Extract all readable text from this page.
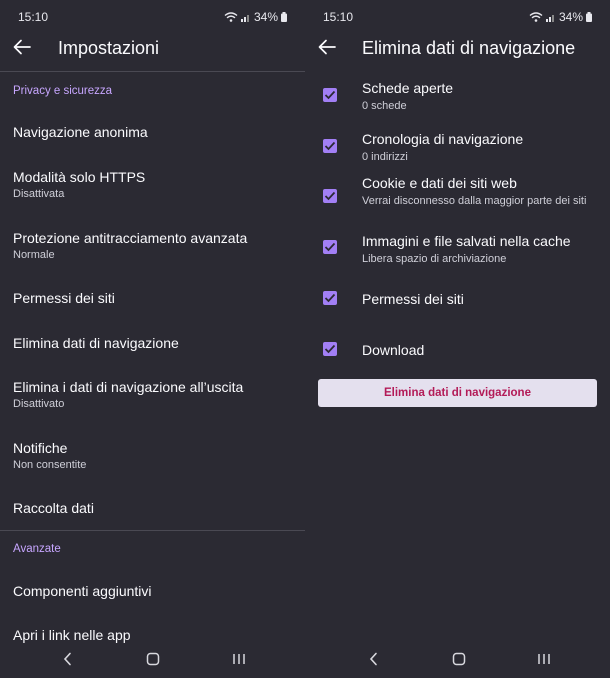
15:10	34%
Impostazioni
Privacy e sicurezza
Navigazione anonima
Modalità solo HTTPS
Disattivata
Protezione antitracciamento avanzata
Normale
Permessi dei siti
Elimina dati di navigazione
Elimina i dati di navigazione all’uscita
Disattivato
Notifiche
Non consentite
Raccolta dati
Avanzate
Componenti aggiuntivi
Apri i link nelle app
15:10	34%
Elimina dati di navigazione
Schede aperte
0 schede
Cronologia di navigazione
0 indirizzi
Cookie e dati dei siti web
Verrai disconnesso dalla maggior parte dei siti
Immagini e file salvati nella cache
Libera spazio di archiviazione
Permessi dei siti
Download
Elimina dati di navigazione
